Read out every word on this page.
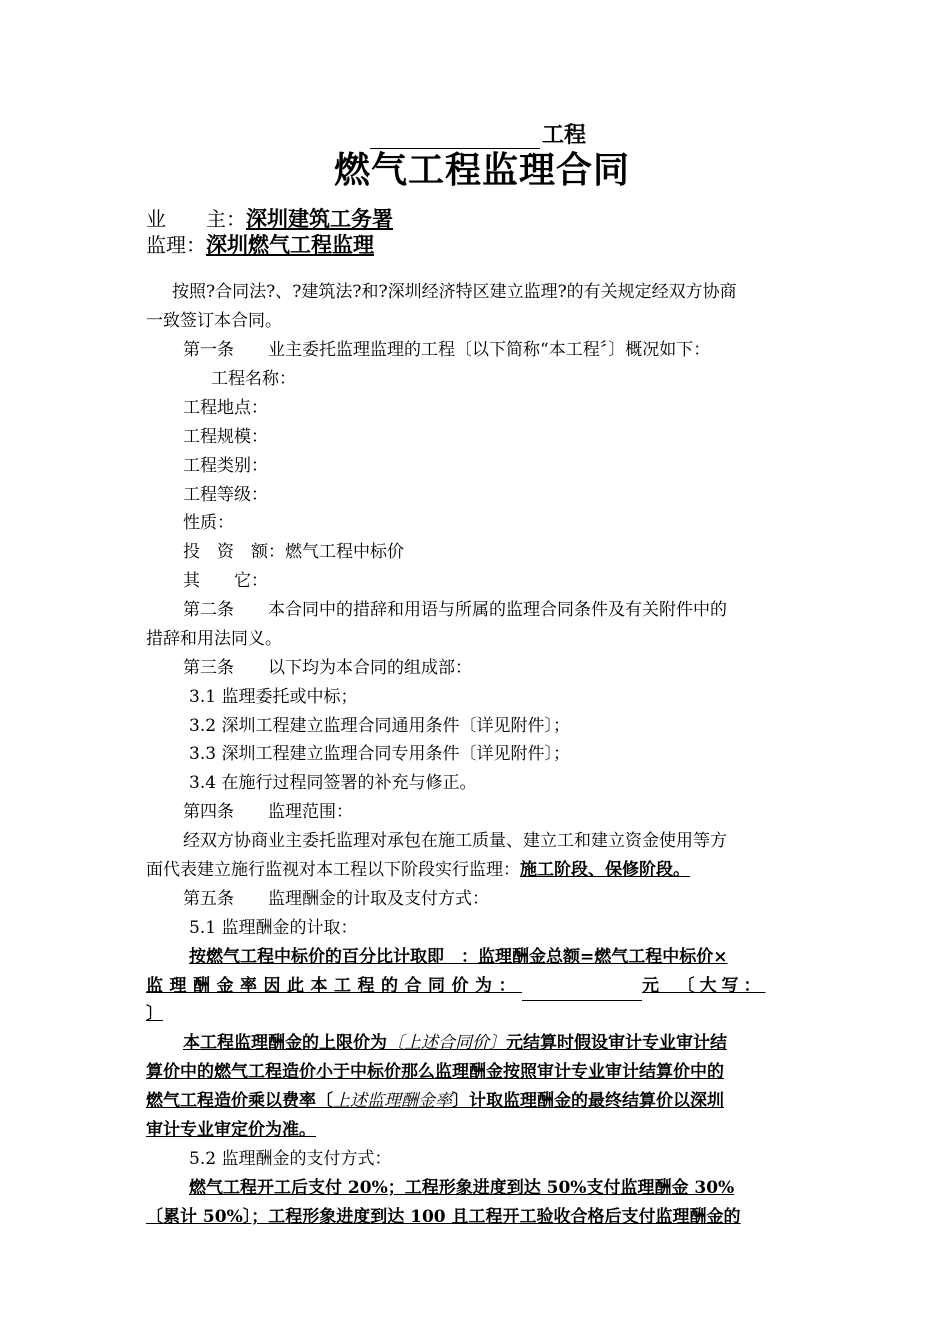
工程
燃气工程监理合同
业　　主：深圳建筑工务署
监理：深圳燃气工程监理
按照?合同法?、?建筑法?和?深圳经济特区建立监理?的有关规定经双方协商
一致签订本合同。
第一条　　业主委托监理监理的工程〔以下简称“本工程〞〕概况如下：
工程名称：
工程地点：
工程规模：
工程类别：
工程等级：
性质：
投　资　额：燃气工程中标价
其　　它：
第二条　　本合同中的措辞和用语与所属的监理合同条件及有关附件中的
措辞和用法同义。
第三条　　以下均为本合同的组成部：
3.1 监理委托或中标；
3.2 深圳工程建立监理合同通用条件〔详见附件〕；
3.3 深圳工程建立监理合同专用条件〔详见附件〕；
3.4 在施行过程同签署的补充与修正。
第四条　　监理范围：
经双方协商业主委托监理对承包在施工质量、建立工和建立资金使用等方
面代表建立施行监视对本工程以下阶段实行监理：施工阶段、保修阶段。
第五条　　监理酬金的计取及支付方式：
5.1 监理酬金的计取：
按燃气工程中标价的百分比计取即　：监理酬金总额=燃气工程中标价×
监理酬金率因此本工程的合同价为：	元　〔大写：
〕
本工程监理酬金的上限价为〔上述合同价〕元结算时假设审计专业审计结
算价中的燃气工程造价小于中标价那么监理酬金按照审计专业审计结算价中的
燃气工程造价乘以费率〔上述监理酬金率〕计取监理酬金的最终结算价以深圳
审计专业审定价为准。
5.2 监理酬金的支付方式：
燃气工程开工后支付 20%；工程形象进度到达 50%支付监理酬金 30%
〔累计 50%〕；工程形象进度到达 100 且工程开工验收合格后支付监理酬金的
